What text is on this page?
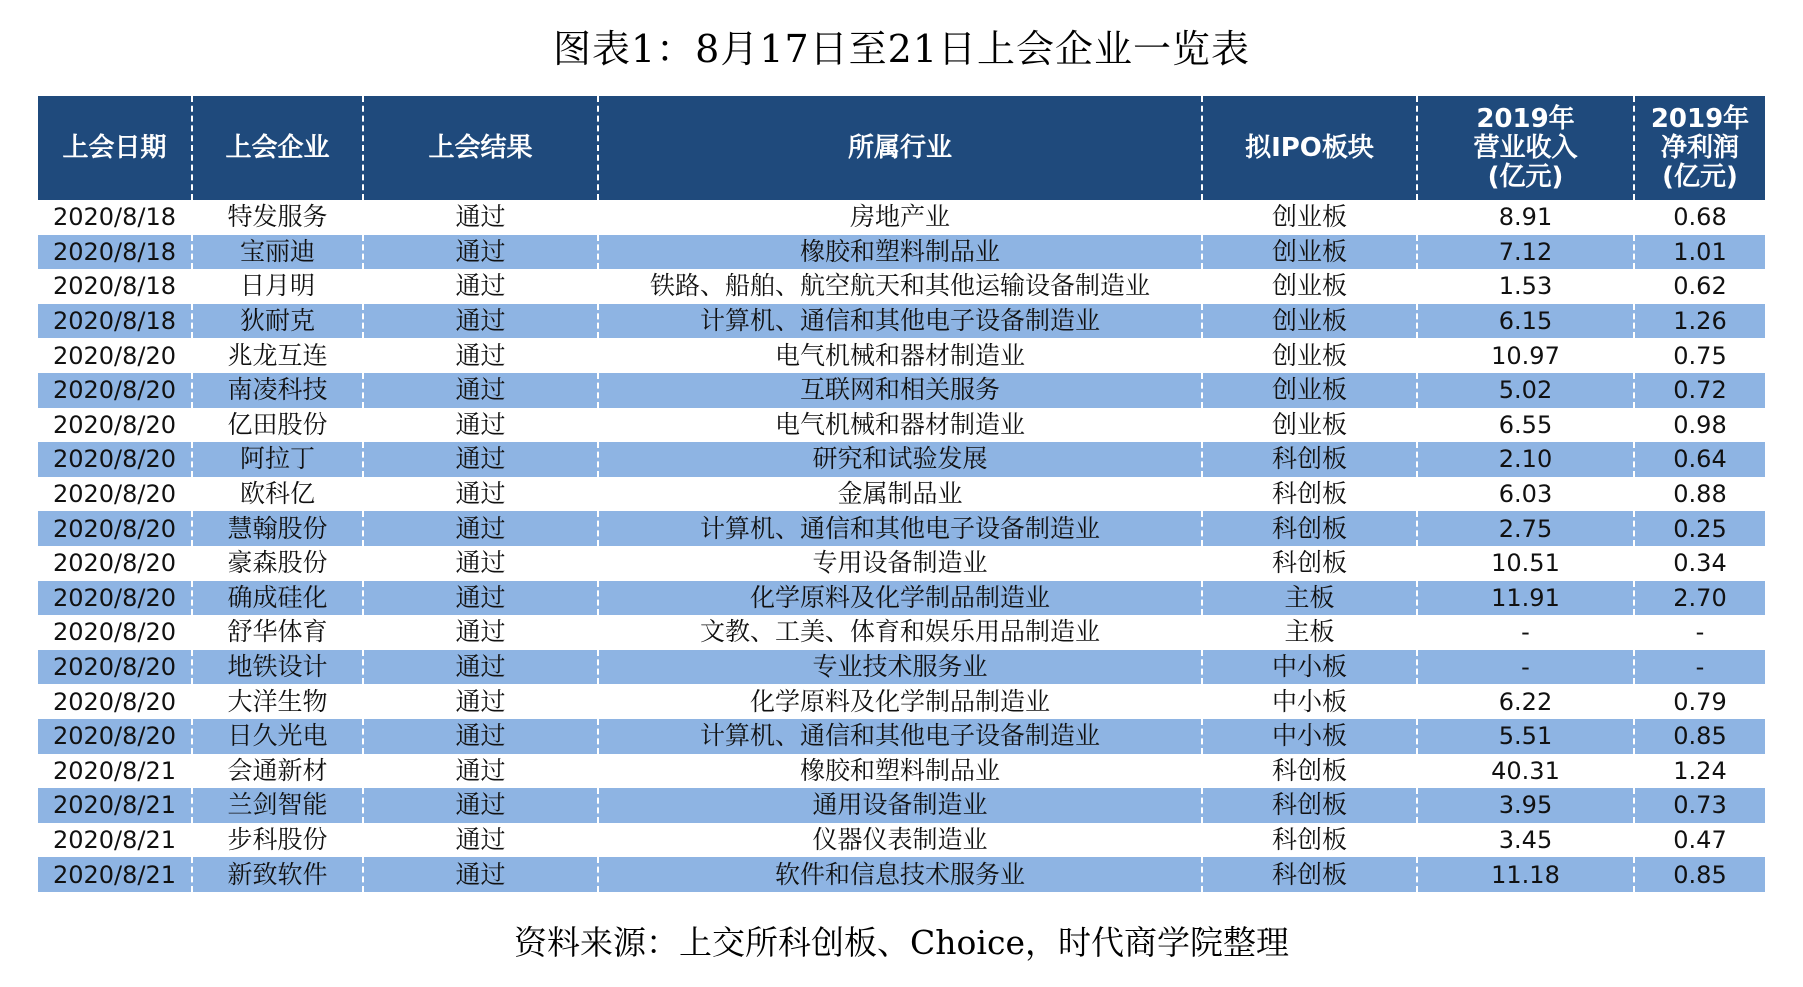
图表1：8月17日至21日上会企业一览表
上会日期	上会企业	上会结果	所属行业	拟IPO板块	2019年
营业收入
(亿元)	2019年
净利润
(亿元)

2020/8/18	特发服务	通过	房地产业	创业板	8.91	0.68
2020/8/18	宝丽迪	通过	橡胶和塑料制品业	创业板	7.12	1.01
2020/8/18	日月明	通过	铁路、船舶、航空航天和其他运输设备制造业	创业板	1.53	0.62
2020/8/18	狄耐克	通过	计算机、通信和其他电子设备制造业	创业板	6.15	1.26
2020/8/20	兆龙互连	通过	电气机械和器材制造业	创业板	10.97	0.75
2020/8/20	南凌科技	通过	互联网和相关服务	创业板	5.02	0.72
2020/8/20	亿田股份	通过	电气机械和器材制造业	创业板	6.55	0.98
2020/8/20	阿拉丁	通过	研究和试验发展	科创板	2.10	0.64
2020/8/20	欧科亿	通过	金属制品业	科创板	6.03	0.88
2020/8/20	慧翰股份	通过	计算机、通信和其他电子设备制造业	科创板	2.75	0.25
2020/8/20	豪森股份	通过	专用设备制造业	科创板	10.51	0.34
2020/8/20	确成硅化	通过	化学原料及化学制品制造业	主板	11.91	2.70
2020/8/20	舒华体育	通过	文教、工美、体育和娱乐用品制造业	主板	-	-
2020/8/20	地铁设计	通过	专业技术服务业	中小板	-	-
2020/8/20	大洋生物	通过	化学原料及化学制品制造业	中小板	6.22	0.79
2020/8/20	日久光电	通过	计算机、通信和其他电子设备制造业	中小板	5.51	0.85
2020/8/21	会通新材	通过	橡胶和塑料制品业	科创板	40.31	1.24
2020/8/21	兰剑智能	通过	通用设备制造业	科创板	3.95	0.73
2020/8/21	步科股份	通过	仪器仪表制造业	科创板	3.45	0.47
2020/8/21	新致软件	通过	软件和信息技术服务业	科创板	11.18	0.85
资料来源：上交所科创板、Choice，时代商学院整理
